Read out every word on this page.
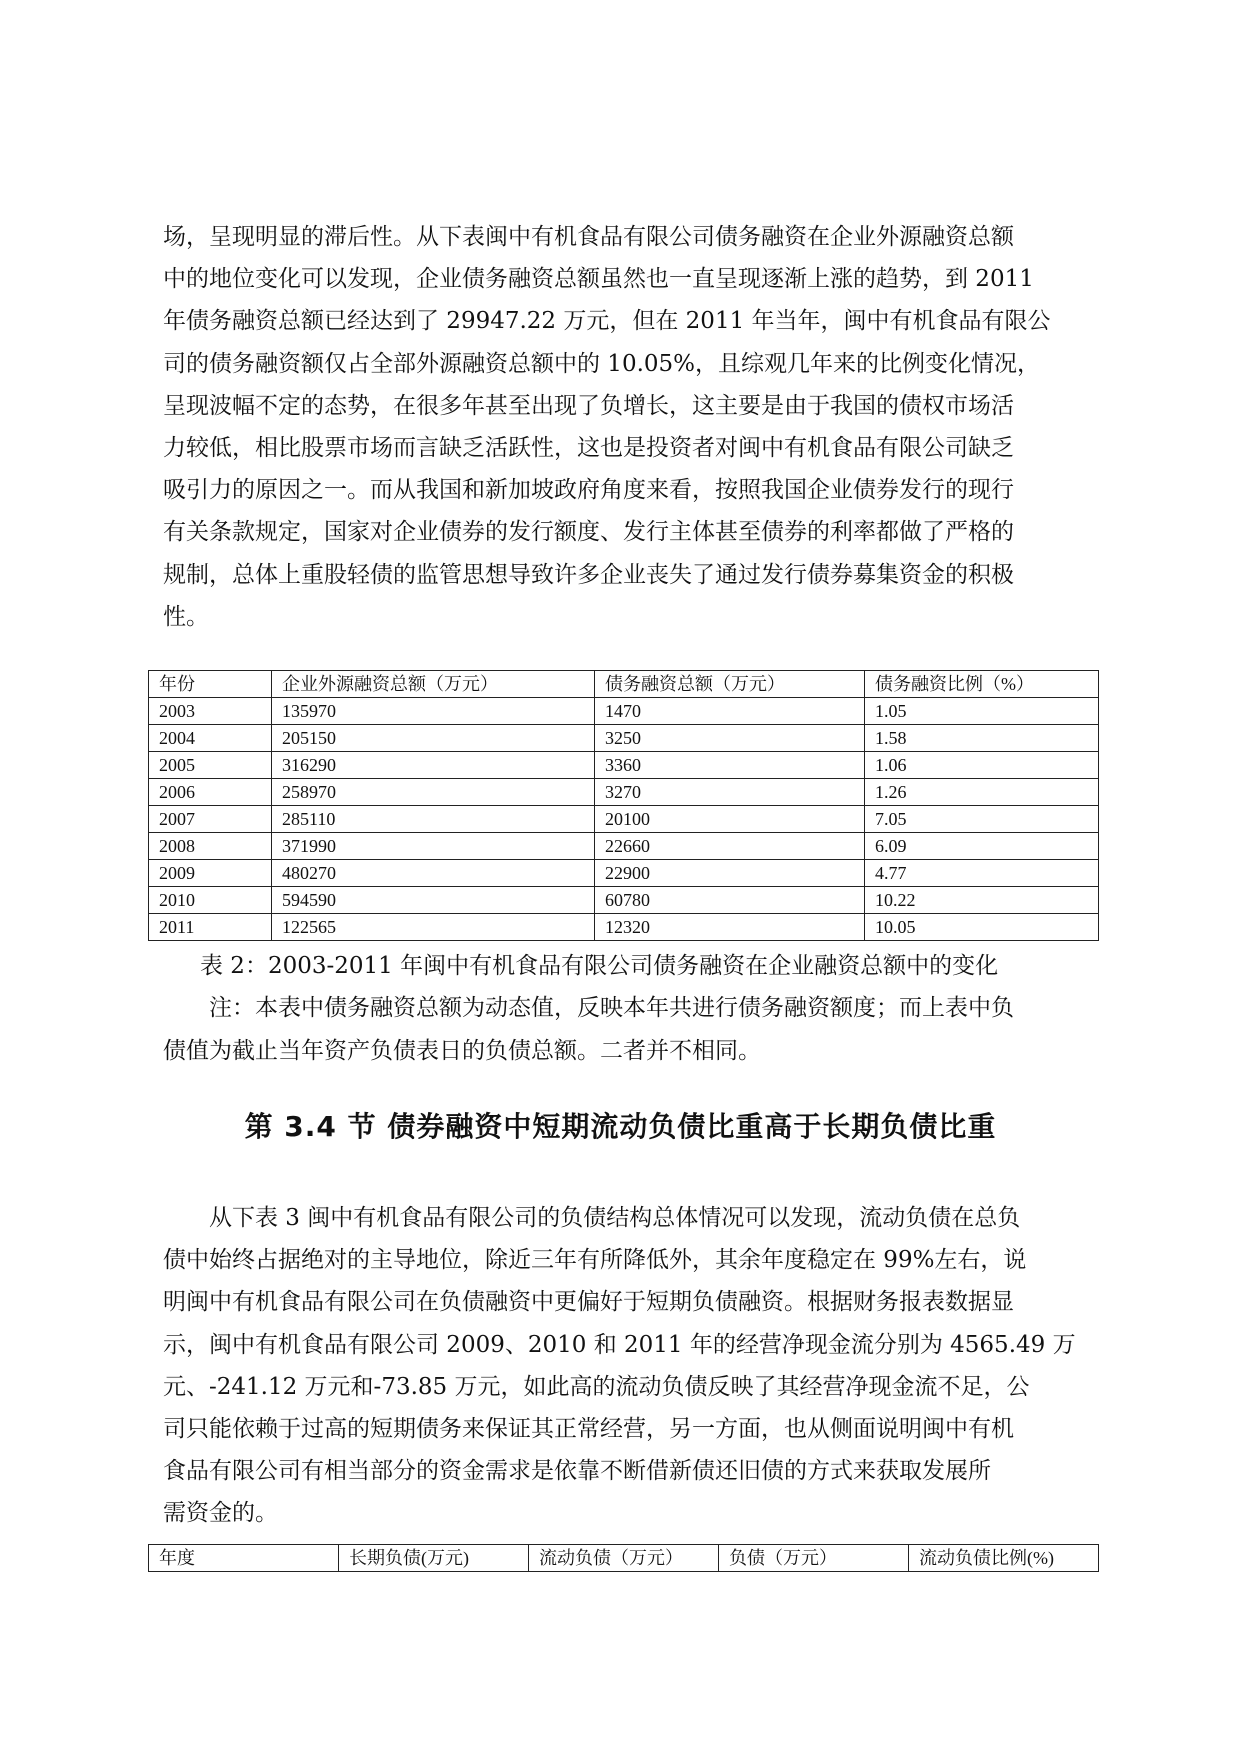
场，呈现明显的滞后性。从下表闽中有机食品有限公司债务融资在企业外源融资总额

中的地位变化可以发现，企业债务融资总额虽然也一直呈现逐渐上涨的趋势，到 2011

年债务融资总额已经达到了 29947.22 万元，但在 2011 年当年，闽中有机食品有限公

司的债务融资额仅占全部外源融资总额中的 10.05%，且综观几年来的比例变化情况，

呈现波幅不定的态势，在很多年甚至出现了负增长，这主要是由于我国的债权市场活

力较低，相比股票市场而言缺乏活跃性，这也是投资者对闽中有机食品有限公司缺乏

吸引力的原因之一。而从我国和新加坡政府角度来看，按照我国企业债券发行的现行

有关条款规定，国家对企业债券的发行额度、发行主体甚至债券的利率都做了严格的

规制，总体上重股轻债的监管思想导致许多企业丧失了通过发行债券募集资金的积极

性。

年份	企业外源融资总额（万元）	债务融资总额（万元）	债务融资比例（%）
2003	135970	1470	1.05
2004	205150	3250	1.58
2005	316290	3360	1.06
2006	258970	3270	1.26
2007	285110	20100	7.05
2008	371990	22660	6.09
2009	480270	22900	4.77
2010	594590	60780	10.22
2011	122565	12320	10.05

表 2：2003-2011 年闽中有机食品有限公司债务融资在企业融资总额中的变化

注：本表中债务融资总额为动态值，反映本年共进行债务融资额度；而上表中负

债值为截止当年资产负债表日的负债总额。二者并不相同。

第 3.4 节 债券融资中短期流动负债比重高于长期负债比重

从下表 3 闽中有机食品有限公司的负债结构总体情况可以发现，流动负债在总负

债中始终占据绝对的主导地位，除近三年有所降低外，其余年度稳定在 99%左右，说

明闽中有机食品有限公司在负债融资中更偏好于短期负债融资。根据财务报表数据显

示，闽中有机食品有限公司 2009、2010 和 2011 年的经营净现金流分别为 4565.49 万

元、-241.12 万元和-73.85 万元，如此高的流动负债反映了其经营净现金流不足，公

司只能依赖于过高的短期债务来保证其正常经营，另一方面，也从侧面说明闽中有机

食品有限公司有相当部分的资金需求是依靠不断借新债还旧债的方式来获取发展所

需资金的。

年度	长期负债(万元)	流动负债（万元）	负债（万元）	流动负债比例(%)
